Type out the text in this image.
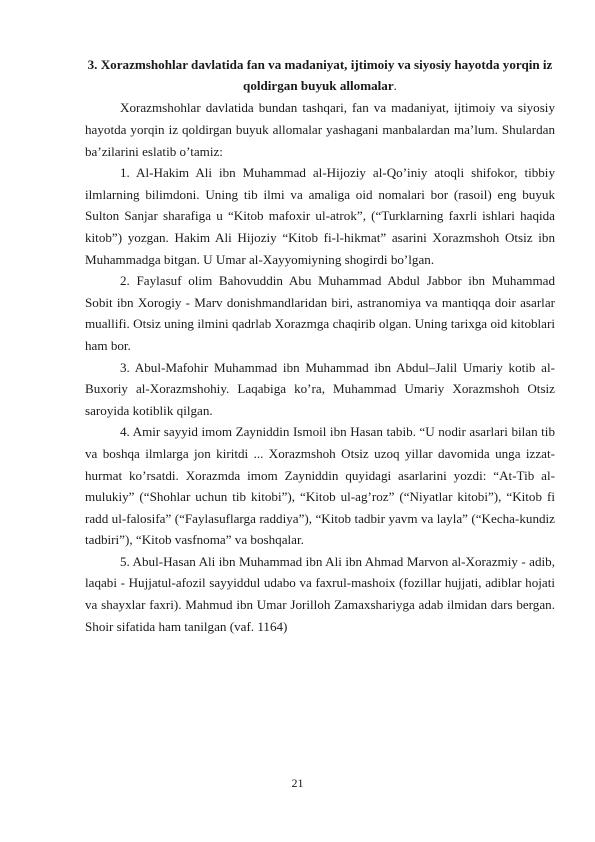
3. Xorazmshohlar davlatida fan va madaniyat, ijtimoiy va siyosiy hayotda yorqin iz qoldirgan buyuk allomalar.

Xorazmshohlar davlatida bundan tashqari, fan va madaniyat, ijtimoiy va siyosiy hayotda yorqin iz qoldirgan buyuk allomalar yashagani manbalardan ma’lum. Shulardan ba’zilarini eslatib o’tamiz:

1. Al-Hakim Ali ibn Muhammad al-Hijoziy al-Qo’iniy atoqli shifokor, tibbiy ilmlarning bilimdoni. Uning tib ilmi va amaliga oid nomalari bor (rasoil) eng buyuk Sulton Sanjar sharafiga u “Kitob mafoxir ul-atrok”, (“Turklarning faxrli ishlari haqida kitob”) yozgan. Hakim Ali Hijoziy “Kitob fi-l-hikmat” asarini Xorazmshoh Otsiz ibn Muhammadga bitgan. U Umar al-Xayyomiyning shogirdi bo’lgan.

2. Faylasuf olim Bahovuddin Abu Muhammad Abdul Jabbor ibn Muhammad Sobit ibn Xorogiy - Marv donishmandlaridan biri, astranomiya va mantiqqa doir asarlar muallifi. Otsiz uning ilmini qadrlab Xorazmga chaqirib olgan. Uning tarixga oid kitoblari ham bor.

3. Abul-Mafohir Muhammad ibn Muhammad ibn Abdul–Jalil Umariy kotib al-Buxoriy al-Xorazmshohiy. Laqabiga ko’ra, Muhammad Umariy Xorazmshoh Otsiz saroyida kotiblik qilgan.

4. Amir sayyid imom Zayniddin Ismoil ibn Hasan tabib. “U nodir asarlari bilan tib va boshqa ilmlarga jon kiritdi ... Xorazmshoh Otsiz uzoq yillar davomida unga izzat-hurmat ko’rsatdi. Xorazmda imom Zayniddin quyidagi asarlarini yozdi: “At-Tib al-mulukiy” (“Shohlar uchun tib kitobi”), “Kitob ul-ag’roz” (“Niyatlar kitobi”), “Kitob fi radd ul-falosifa” (“Faylasuflarga raddiya”), “Kitob tadbir yavm va layla” (“Kecha-kundiz tadbiri”), “Kitob vasfnoma” va boshqalar.

5. Abul-Hasan Ali ibn Muhammad ibn Ali ibn Ahmad Marvon al-Xorazmiy - adib, laqabi - Hujjatul-afozil sayyiddul udabo va faxrul-mashoix (fozillar hujjati, adiblar hojati va shayxlar faxri). Mahmud ibn Umar Jorilloh Zamaxshariyga adab ilmidan dars bergan. Shoir sifatida ham tanilgan (vaf. 1164)

21
